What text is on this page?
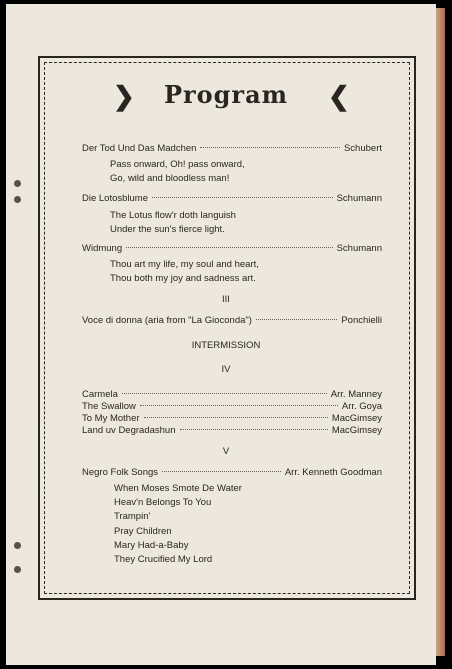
❯	❮
Program
Der Tod Und Das Madchen	Schubert
Pass onward, Oh! pass onward,
Go, wild and bloodless man!
Die Lotosblume	Schumann
The Lotus flow'r doth languish
Under the sun's fierce light.
Widmung	Schumann
Thou art my life, my soul and heart,
Thou both my joy and sadness art.
III
Voce di donna (aria from "La Gioconda")	Ponchielli
INTERMISSION
IV
Carmela	Arr. Manney
The Swallow	Arr. Goya
To My Mother	MacGimsey
Land uv Degradashun	MacGimsey
V
Negro Folk Songs	Arr. Kenneth Goodman
When Moses Smote De Water
Heav'n Belongs To You
Trampin'
Pray Children
Mary Had-a-Baby
They Crucified My Lord
